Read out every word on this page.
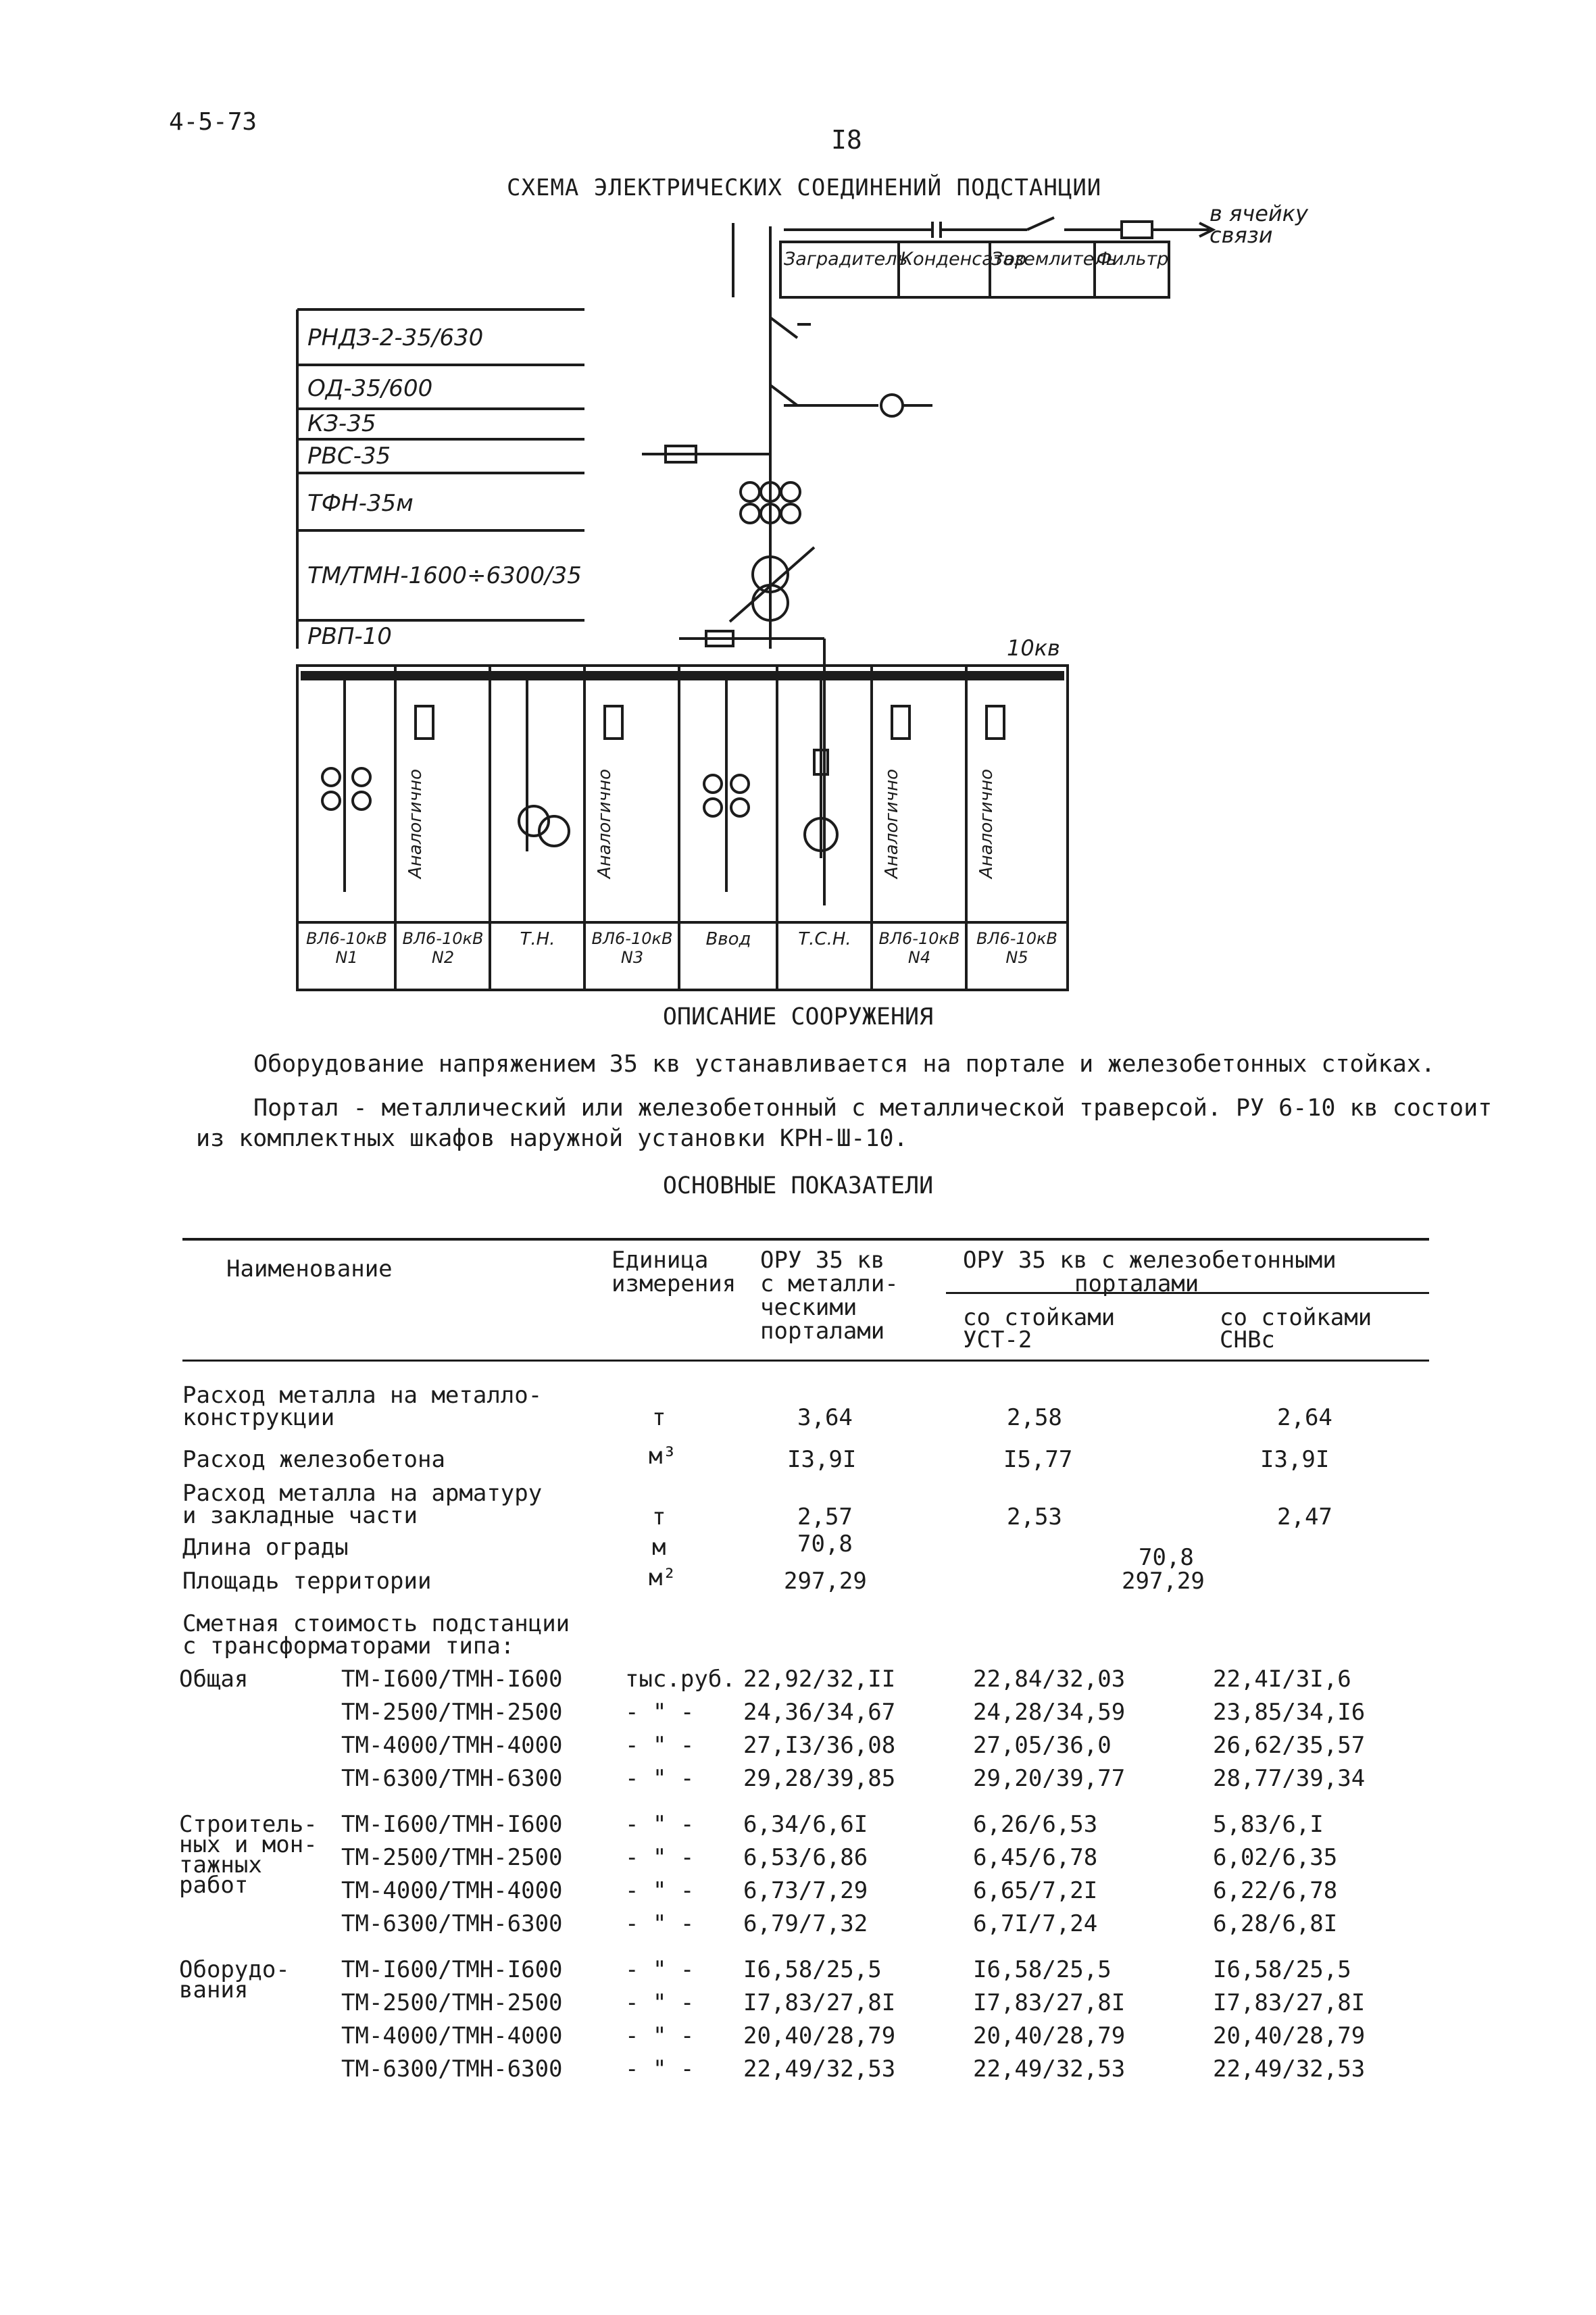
4-5-73
I8
СХЕМА ЭЛЕКТРИЧЕСКИХ СОЕДИНЕНИЙ ПОДСТАНЦИИ
в ячейку связи
Заградитель
Конденсатор
Заземлитель
Фильтр
РНДЗ-2-35/630
ОД-35/600
КЗ-35
РВС-35
ТФН-35м
ТМ/ТМН-1600÷6300/35
РВП-10	10кв
Аналогично	Аналогично	Аналогично	Аналогично
ВЛ6-10кВ N1
ВЛ6-10кВ N2
Т.Н.	ВЛ6-10кВ N3
Ввод	Т.С.Н.	ВЛ6-10кВ N4
ВЛ6-10кВ N5
ОПИСАНИЕ СООРУЖЕНИЯ
Оборудование напряжением 35 кв устанавливается на портале и железобетонных стойках.
Портал - металлический или железобетонный с металлической траверсой. РУ 6-10 кв состоит
из комплектных шкафов наружной установки КРН-Ш-10.
ОСНОВНЫЕ ПОКАЗАТЕЛИ
Наименование	Единица
измерения
ОРУ 35 кв
с металли-
ческими
порталами
ОРУ 35 кв с железобетонными
порталами
со стойками
УСТ-2
со стойками
СНВс
Расход металла на металло-
конструкции	т	3,64	2,58	2,64
Расход железобетона	м³	I3,9I	I5,77	I3,9I
Расход металла на арматуру
и закладные части	т	2,57	2,53	2,47
Длина ограды	м	70,8	70,8
Площадь территории	м²	297,29	297,29
Сметная стоимость подстанции
с трансформаторами типа:
Общая	ТМ-I600/ТМН-I600	тыс.руб. 22,92/32,II	22,84/32,03	22,4I/3I,6
ТМ-2500/ТМН-2500	- " - 24,36/34,67	24,28/34,59	23,85/34,I6
ТМ-4000/ТМН-4000	- " - 27,I3/36,08	27,05/36,0	26,62/35,57
ТМ-6300/ТМН-6300	- " - 29,28/39,85	29,20/39,77	28,77/39,34
Строитель-
ных и мон-
тажных
работ
ТМ-I600/ТМН-I600	- " - 6,34/6,6I	6,26/6,53	5,83/6,I
ТМ-2500/ТМН-2500	- " - 6,53/6,86	6,45/6,78	6,02/6,35
ТМ-4000/ТМН-4000	- " - 6,73/7,29	6,65/7,2I	6,22/6,78
ТМ-6300/ТМН-6300	- " - 6,79/7,32	6,7I/7,24	6,28/6,8I
Оборудо-
вания
ТМ-I600/ТМН-I600	- " - I6,58/25,5	I6,58/25,5	I6,58/25,5
ТМ-2500/ТМН-2500	- " - I7,83/27,8I	I7,83/27,8I	I7,83/27,8I
ТМ-4000/ТМН-4000	- " - 20,40/28,79	20,40/28,79	20,40/28,79
ТМ-6300/ТМН-6300	- " - 22,49/32,53	22,49/32,53	22,49/32,53
